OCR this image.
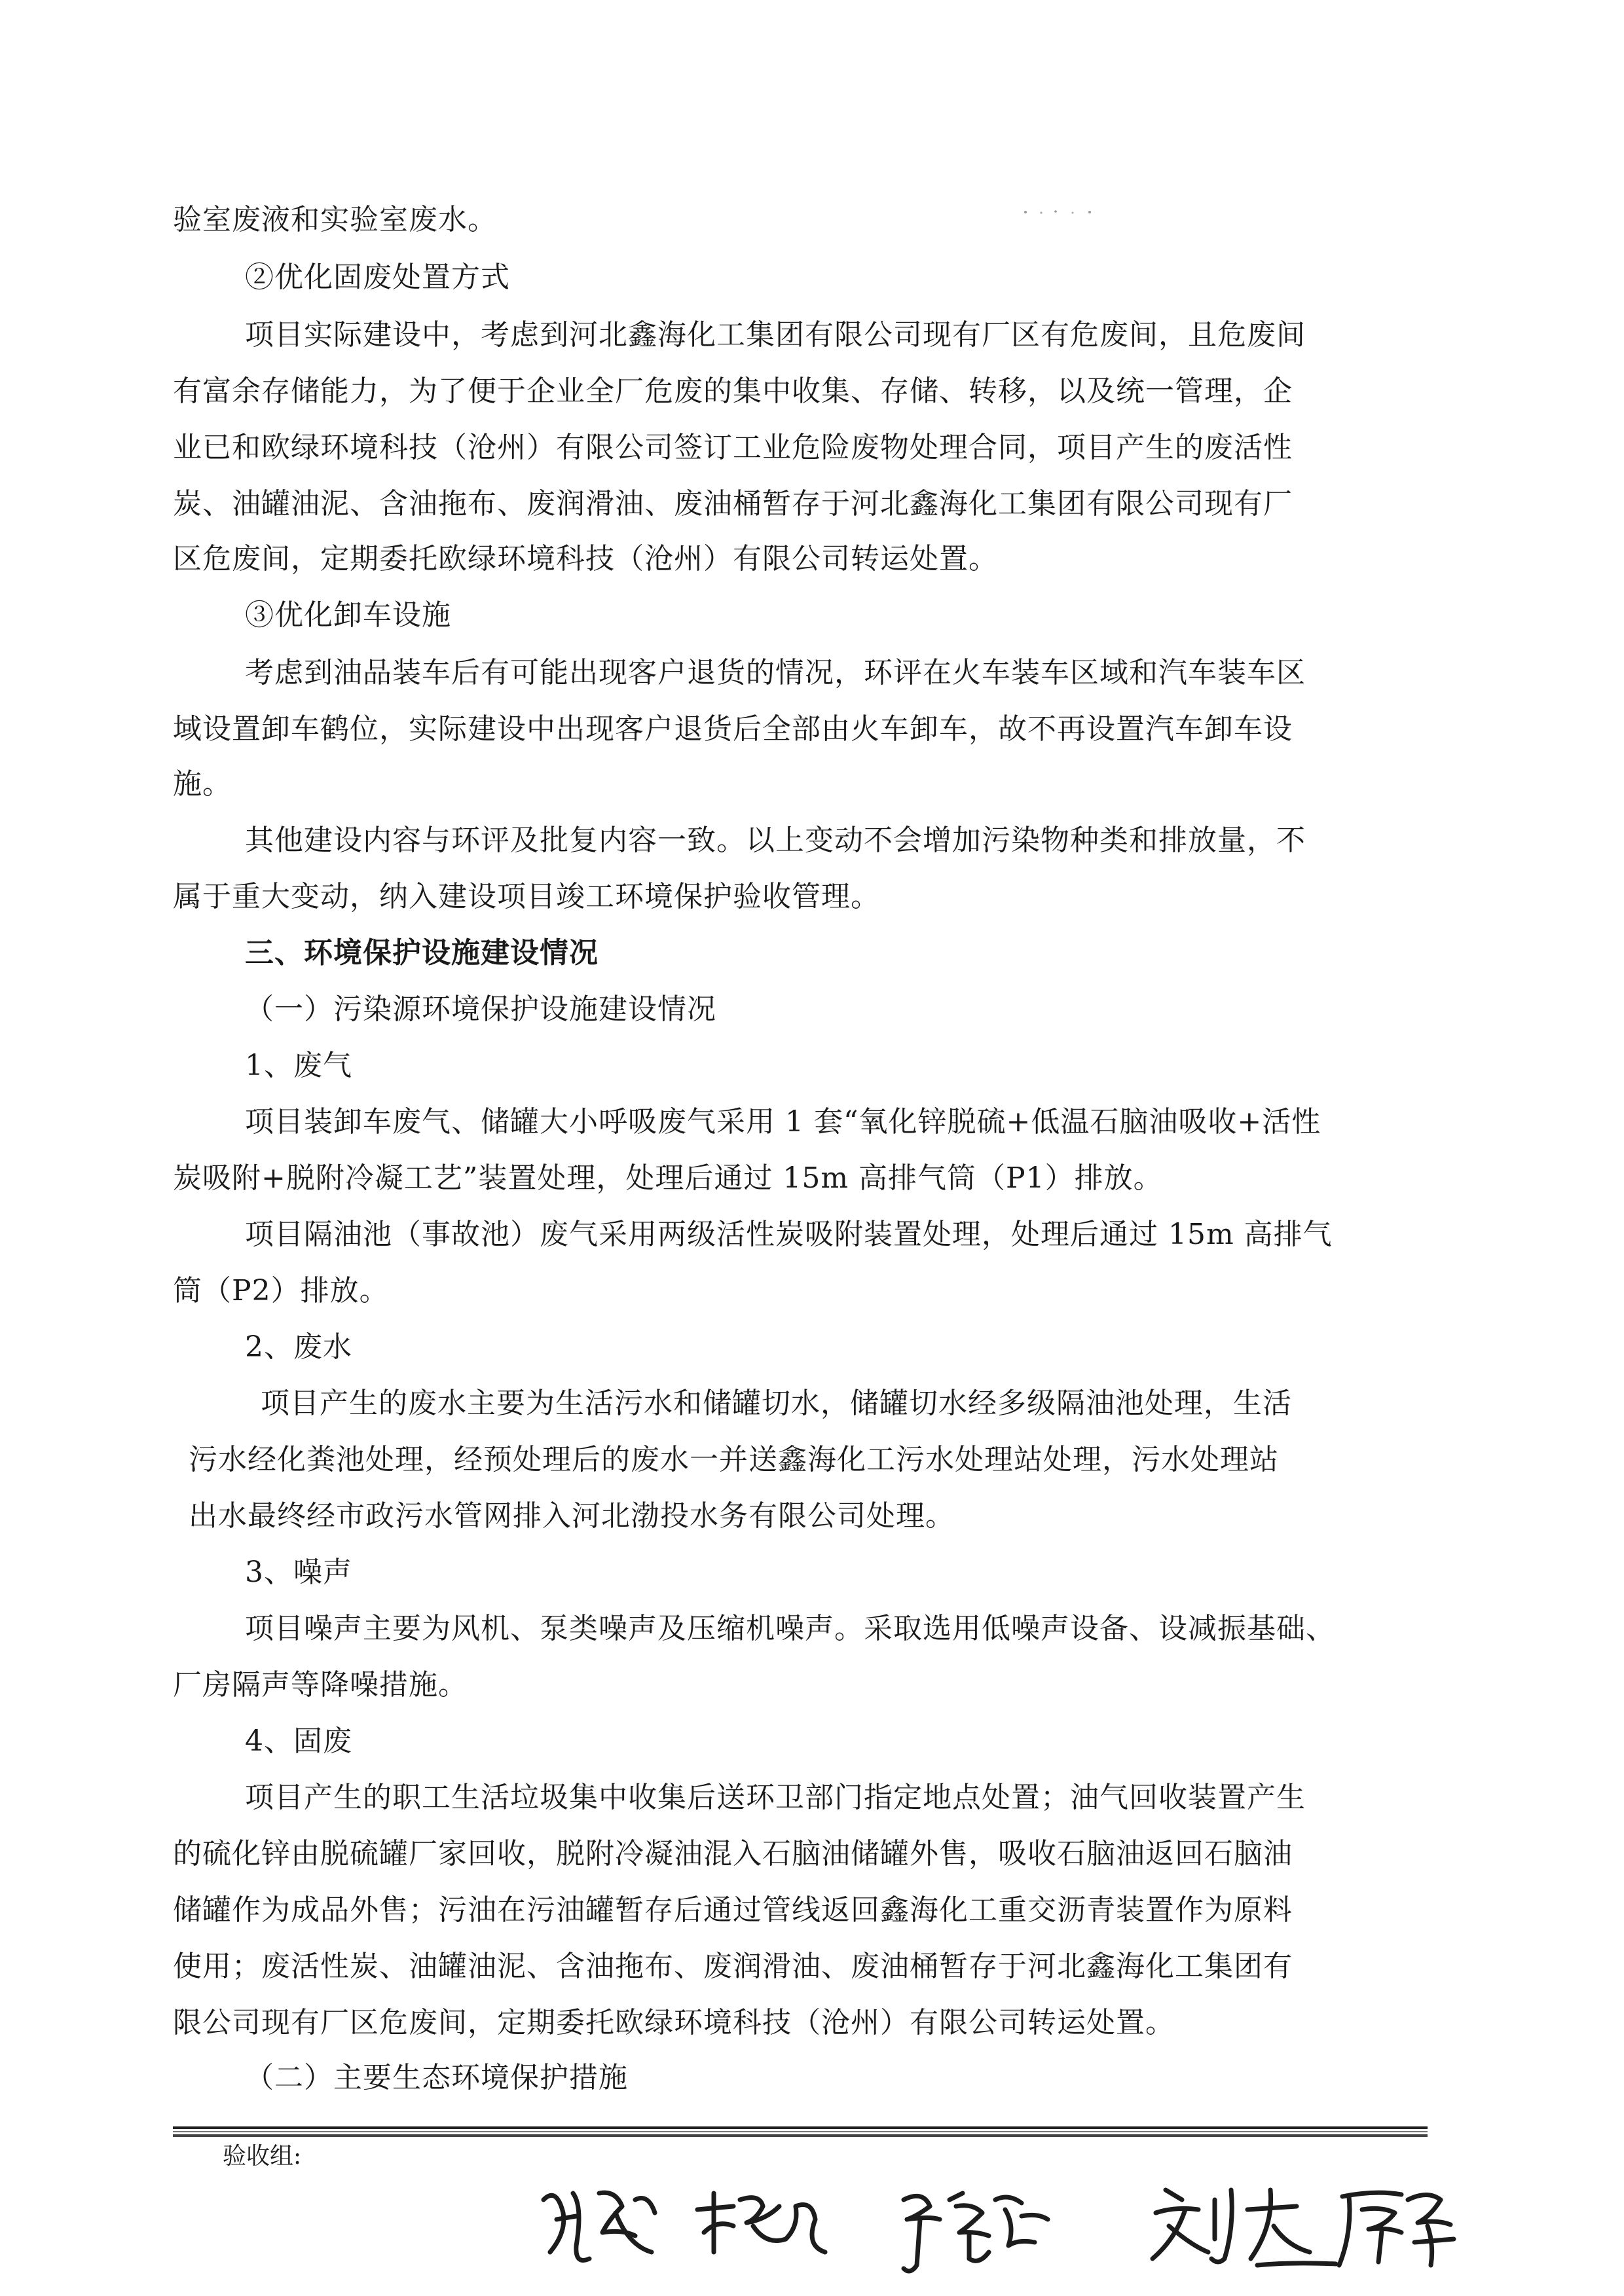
验室废液和实验室废水。
②优化固废处置方式
项目实际建设中，考虑到河北鑫海化工集团有限公司现有厂区有危废间，且危废间
有富余存储能力，为了便于企业全厂危废的集中收集、存储、转移，以及统一管理，企
业已和欧绿环境科技（沧州）有限公司签订工业危险废物处理合同，项目产生的废活性
炭、油罐油泥、含油拖布、废润滑油、废油桶暂存于河北鑫海化工集团有限公司现有厂
区危废间，定期委托欧绿环境科技（沧州）有限公司转运处置。
③优化卸车设施
考虑到油品装车后有可能出现客户退货的情况，环评在火车装车区域和汽车装车区
域设置卸车鹤位，实际建设中出现客户退货后全部由火车卸车，故不再设置汽车卸车设
施。
其他建设内容与环评及批复内容一致。以上变动不会增加污染物种类和排放量，不
属于重大变动，纳入建设项目竣工环境保护验收管理。
三、环境保护设施建设情况
（一）污染源环境保护设施建设情况
1、废气
项目装卸车废气、储罐大小呼吸废气采用 1 套“氧化锌脱硫+低温石脑油吸收+活性
炭吸附+脱附冷凝工艺”装置处理，处理后通过 15m 高排气筒（P1）排放。
项目隔油池（事故池）废气采用两级活性炭吸附装置处理，处理后通过 15m 高排气
筒（P2）排放。
2、废水
项目产生的废水主要为生活污水和储罐切水，储罐切水经多级隔油池处理，生活
污水经化粪池处理，经预处理后的废水一并送鑫海化工污水处理站处理，污水处理站
出水最终经市政污水管网排入河北渤投水务有限公司处理。
3、噪声
项目噪声主要为风机、泵类噪声及压缩机噪声。采取选用低噪声设备、设减振基础、
厂房隔声等降噪措施。
4、固废
项目产生的职工生活垃圾集中收集后送环卫部门指定地点处置；油气回收装置产生
的硫化锌由脱硫罐厂家回收，脱附冷凝油混入石脑油储罐外售，吸收石脑油返回石脑油
储罐作为成品外售；污油在污油罐暂存后通过管线返回鑫海化工重交沥青装置作为原料
使用；废活性炭、油罐油泥、含油拖布、废润滑油、废油桶暂存于河北鑫海化工集团有
限公司现有厂区危废间，定期委托欧绿环境科技（沧州）有限公司转运处置。
（二）主要生态环境保护措施
验收组:
